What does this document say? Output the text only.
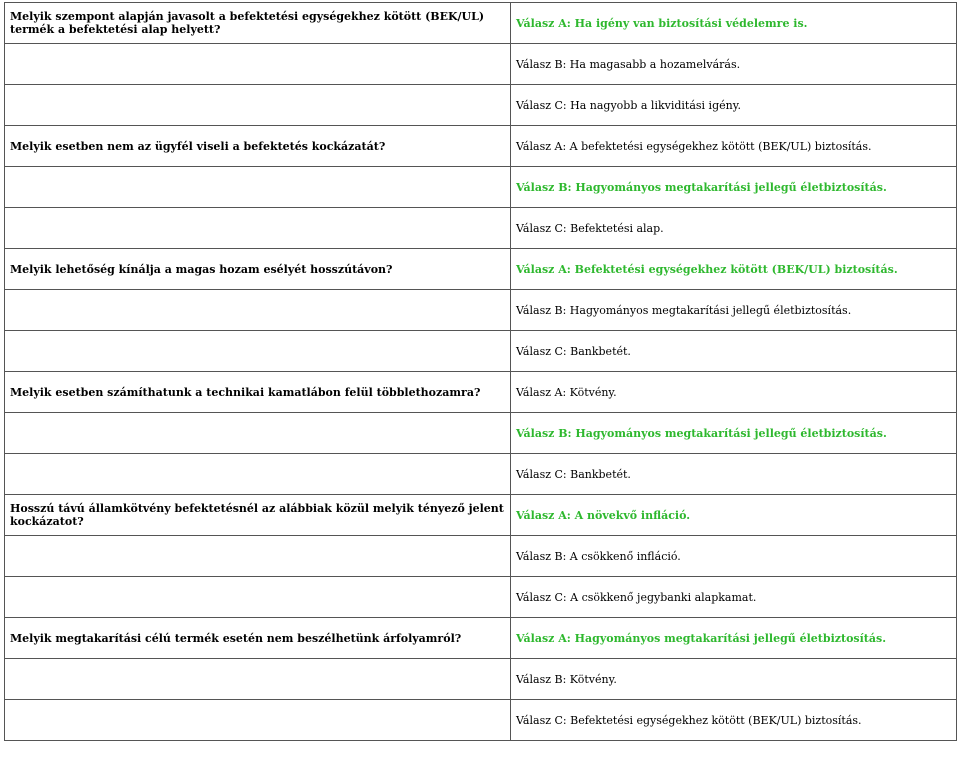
Melyik szempont alapján javasolt a befektetési egységekhez kötött (BEK/UL) termék a befektetési alap helyett?	Válasz A: Ha igény van biztosítási védelemre is.
	Válasz B: Ha magasabb a hozamelvárás.
	Válasz C: Ha nagyobb a likviditási igény.
Melyik esetben nem az ügyfél viseli a befektetés kockázatát?	Válasz A: A befektetési egységekhez kötött (BEK/UL) biztosítás.
	Válasz B: Hagyományos megtakarítási jellegű életbiztosítás.
	Válasz C: Befektetési alap.
Melyik lehetőség kínálja a magas hozam esélyét hosszútávon?	Válasz A: Befektetési egységekhez kötött (BEK/UL) biztosítás.
	Válasz B: Hagyományos megtakarítási jellegű életbiztosítás.
	Válasz C: Bankbetét.
Melyik esetben számíthatunk a technikai kamatlábon felül többlethozamra?	Válasz A: Kötvény.
	Válasz B: Hagyományos megtakarítási jellegű életbiztosítás.
	Válasz C: Bankbetét.
Hosszú távú államkötvény befektetésnél az alábbiak közül melyik tényező jelent kockázatot?	Válasz A: A növekvő infláció.
	Válasz B: A csökkenő infláció.
	Válasz C: A csökkenő jegybanki alapkamat.
Melyik megtakarítási célú termék esetén nem beszélhetünk árfolyamról?	Válasz A: Hagyományos megtakarítási jellegű életbiztosítás.
	Válasz B: Kötvény.
	Válasz C: Befektetési egységekhez kötött (BEK/UL) biztosítás.
